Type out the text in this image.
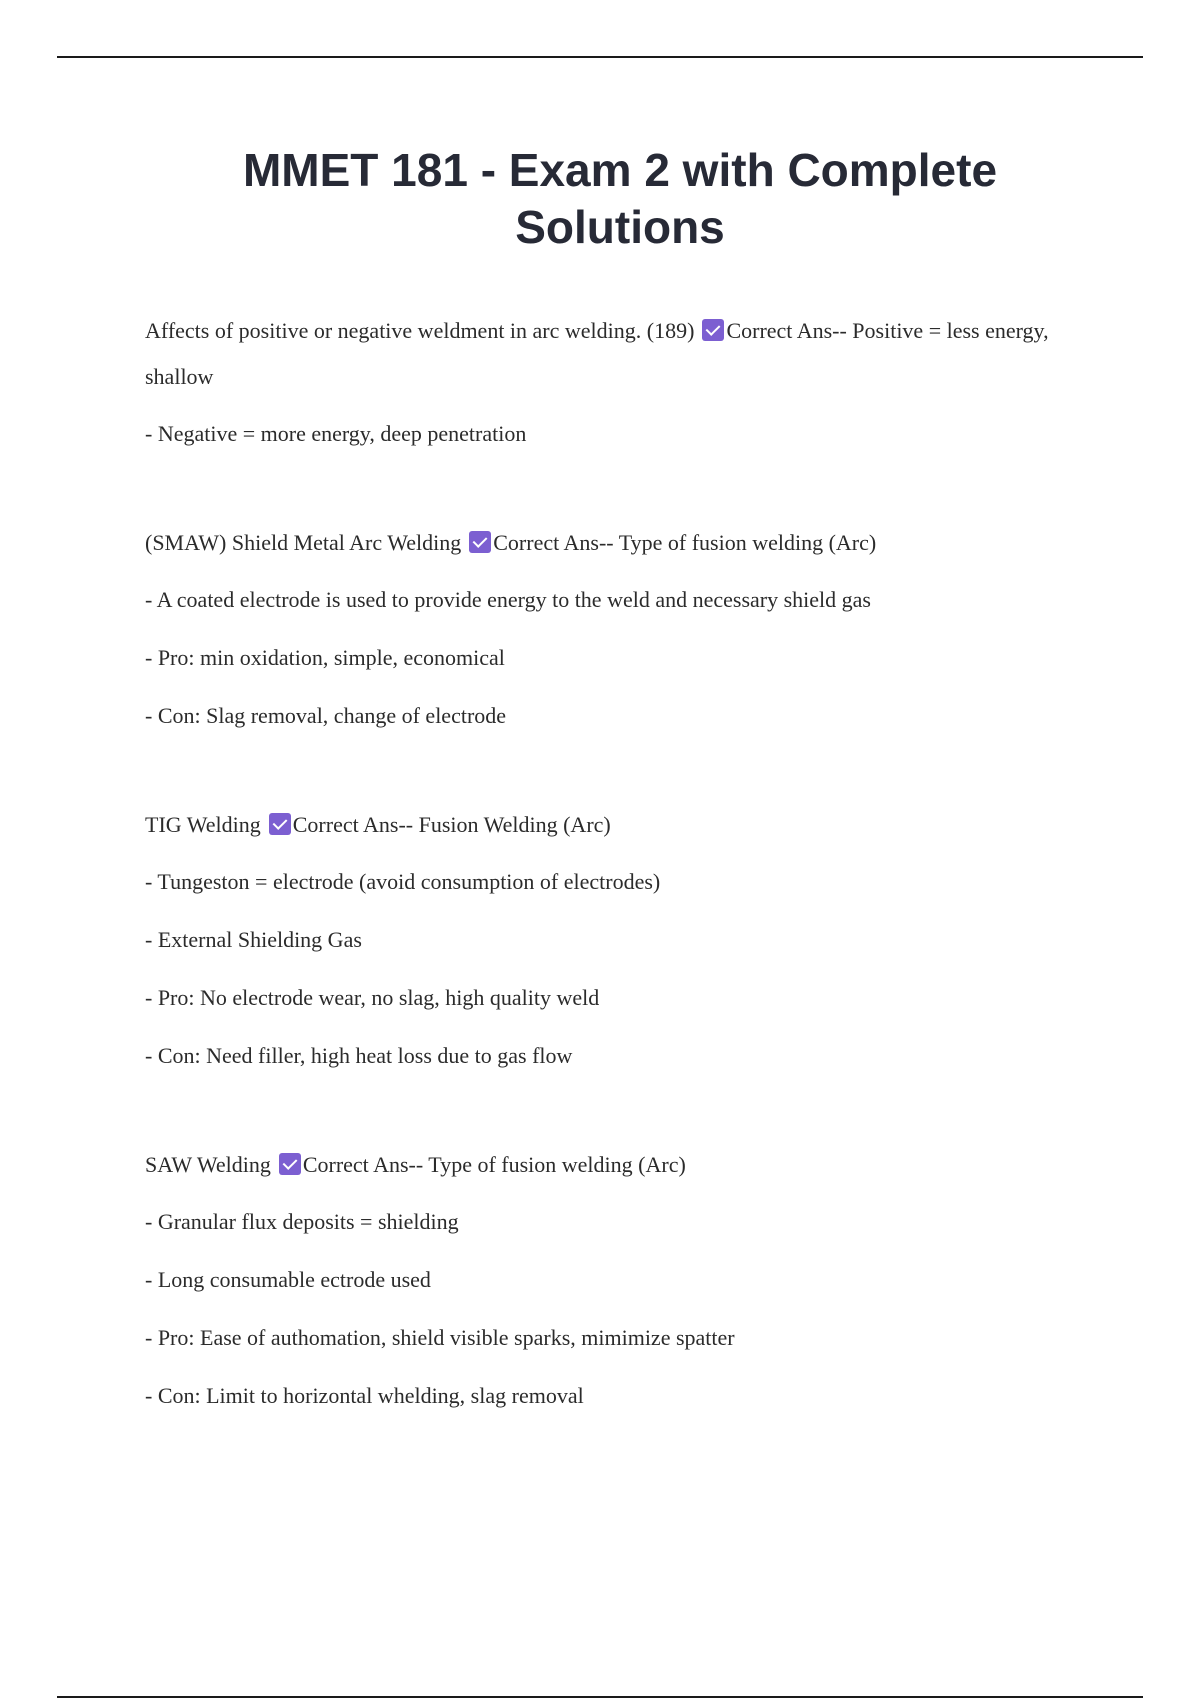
MMET 181 - Exam 2 with Complete Solutions

Affects of positive or negative weldment in arc welding. (189) Correct Ans-- Positive = less energy, shallow

- Negative = more energy, deep penetration

(SMAW) Shield Metal Arc Welding Correct Ans-- Type of fusion welding (Arc)

- A coated electrode is used to provide energy to the weld and necessary shield gas

- Pro: min oxidation, simple, economical

- Con: Slag removal, change of electrode

TIG Welding Correct Ans-- Fusion Welding (Arc)

- Tungeston = electrode (avoid consumption of electrodes)

- External Shielding Gas

- Pro: No electrode wear, no slag, high quality weld

- Con: Need filler, high heat loss due to gas flow

SAW Welding Correct Ans-- Type of fusion welding (Arc)

- Granular flux deposits = shielding

- Long consumable ectrode used

- Pro: Ease of authomation, shield visible sparks, mimimize spatter

- Con: Limit to horizontal whelding, slag removal
